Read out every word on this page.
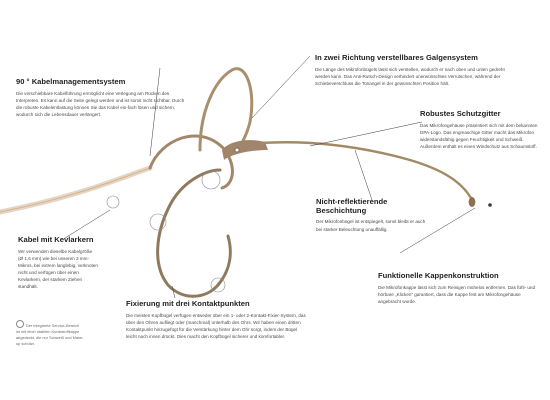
90 ° Kabelmanagementsystem
Die verschiebbare Kabelführung ermöglicht eine Verlegung am Rücken des Interpreten. Es kann auf die Seite gelegt werden und ist somit nicht sichtbar. Durch die robuste Kabelentlastung können Sie das Kabel ein-fach lösen und sichern, wodurch sich die Lebensdauer verlängert.
In zwei Richtung verstellbares Galgensystem
Die Länge des Mikrofonbügels lässt sich verstellen, wodurch er nach oben und unten gedreht werden kann. Das Anti-Rutsch-Design verhindert unerwünschtes Verrutschen, während der Schiebeverschluss die Tonangel in der gewünschten Position hält.
Robustes Schutzgitter
Das Mikrofongehäuse präsentiert sich mit dem bekannten DPA-Logo. Das engmaschige Gitter macht das Mikrofon widerstandsfähig gegen Feuchtigkeit und Schweiß. Außerdem enthält es einen Windschutz aus Schaumstoff.
Nicht-reflektierende Beschichtung
Der Mikrofonbügel ist entspiegelt, somit bleibt er auch bei starker Beleuchtung unauffällig.
Kabel mit Kevlarkern
Wir verwenden dieselbe Kabelgröße (Ø 1,6 mm) wie bei unseren 3 mm-Mikros, bei extrem langlebig, verknoten nicht und verfügen über einen Kevlarkern, der starkem Ziehen standhält.
Funktionelle Kappenkonstruktion
Die Mikrofonkappe lässt sich zum Reinigen mühelos entfernen. Das fühl- und hörbare „Klicken“ garantiert, dass die Kappe fest am Mikrofongehäuse angebracht wurde.
Fixierung mit drei Kontaktpunkten
Die meisten Kopfbügel verfügen entweder über ein 1- oder 2-Kontakt-Fixier-System, das über den Ohren aufliegt oder (manchmal) unterhalb des Ohrs. Wir haben einen dritten Kontaktpunkt hinzugefügt für die Verstärkung hinter dem Ohr sorgt, indem der Bügel leicht nach innen drückt. Dies macht den Kopfbügel sicherer und komfortabler.
Der integrierte Service-Bereich ist mit einer stabilen Kunststoffkappe abgedeckt, die nur Schweiß und Make-up schützt.
